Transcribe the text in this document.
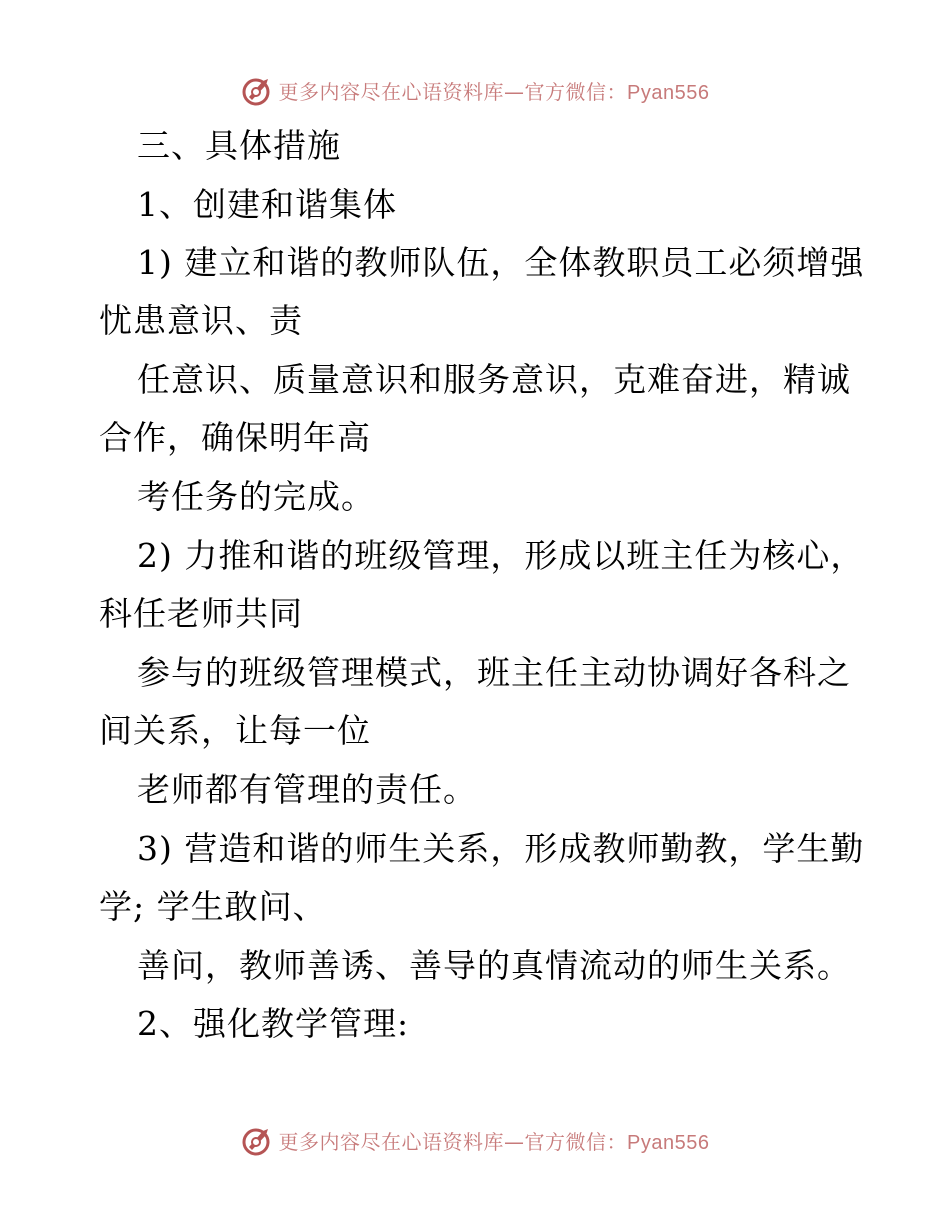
更多内容尽在心语资料库—官方微信：Pyan556
三、具体措施
1、创建和谐集体
1) 建立和谐的教师队伍，全体教职员工必须增强
忧患意识、责
任意识、质量意识和服务意识，克难奋进，精诚
合作，确保明年高
考任务的完成。
2) 力推和谐的班级管理，形成以班主任为核心，
科任老师共同
参与的班级管理模式，班主任主动协调好各科之
间关系，让每一位
老师都有管理的责任。
3) 营造和谐的师生关系，形成教师勤教，学生勤
学; 学生敢问、
善问，教师善诱、善导的真情流动的师生关系。
2、强化教学管理:
更多内容尽在心语资料库—官方微信：Pyan556
